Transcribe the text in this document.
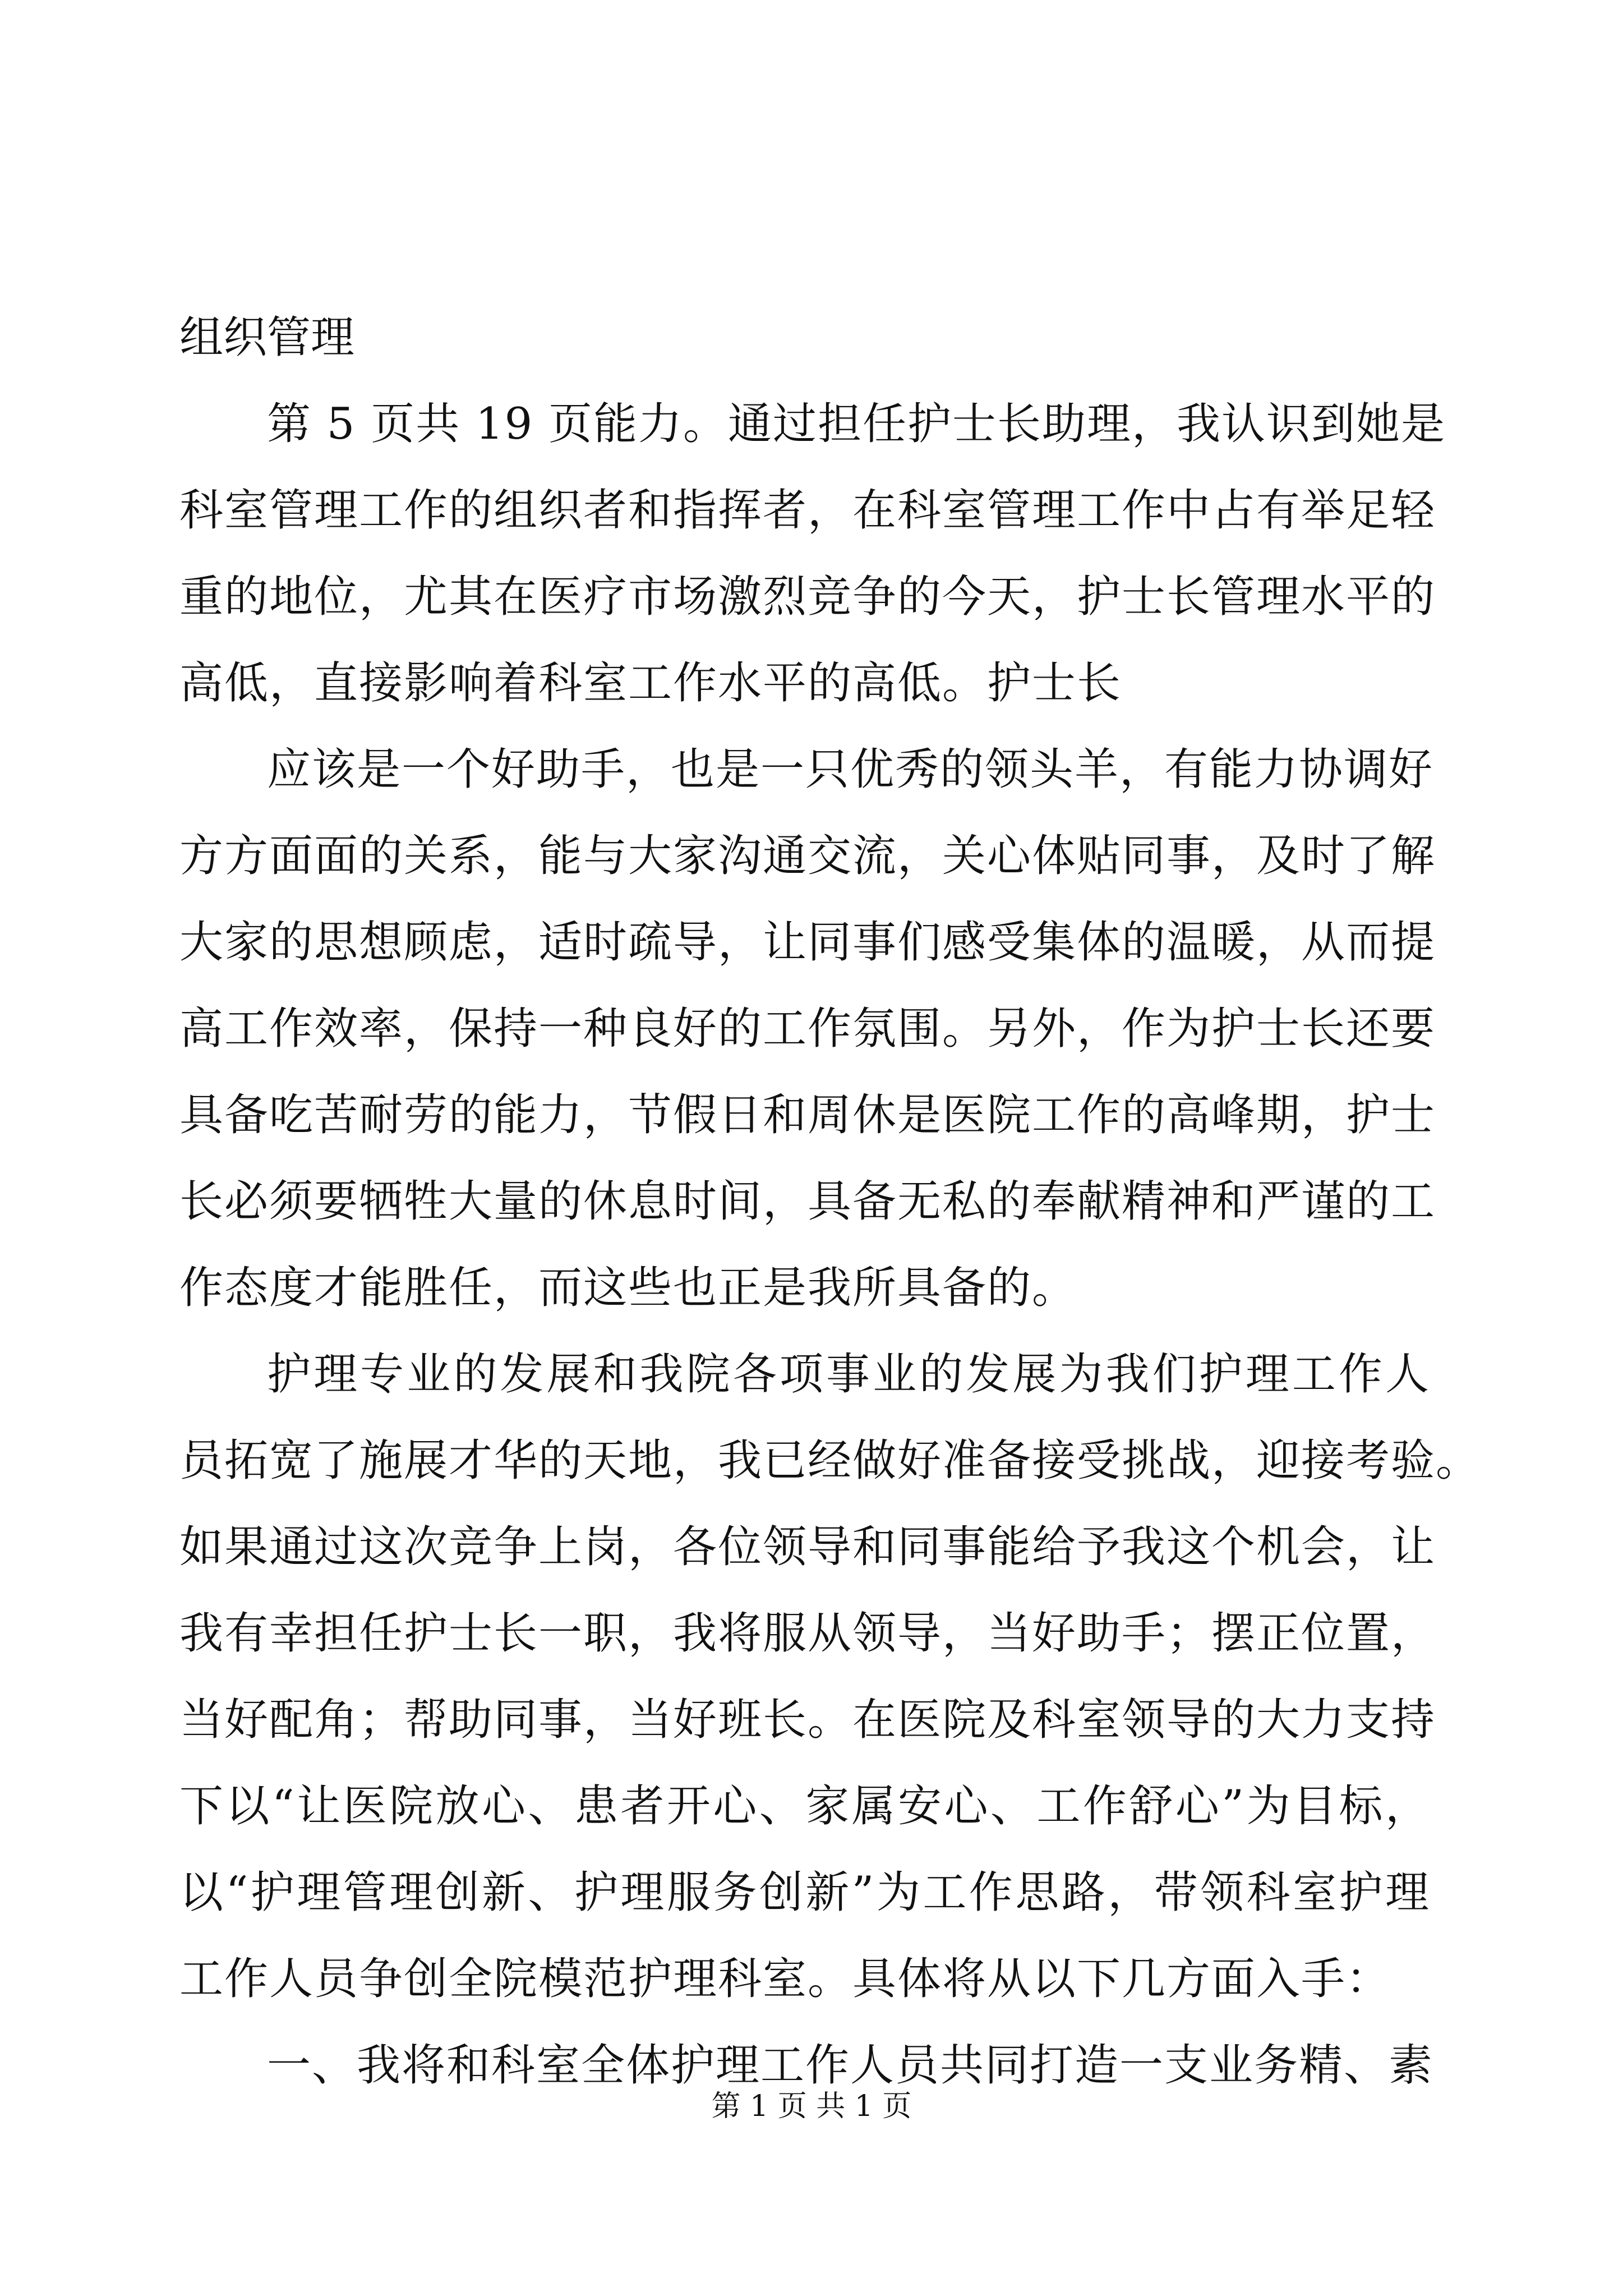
组织管理
第 5 页共 19 页能力。通过担任护士长助理，我认识到她是
科室管理工作的组织者和指挥者，在科室管理工作中占有举足轻
重的地位，尤其在医疗市场激烈竞争的今天，护士长管理水平的
高低，直接影响着科室工作水平的高低。护士长
应该是一个好助手，也是一只优秀的领头羊，有能力协调好
方方面面的关系，能与大家沟通交流，关心体贴同事，及时了解
大家的思想顾虑，适时疏导，让同事们感受集体的温暖，从而提
高工作效率，保持一种良好的工作氛围。另外，作为护士长还要
具备吃苦耐劳的能力，节假日和周休是医院工作的高峰期，护士
长必须要牺牲大量的休息时间，具备无私的奉献精神和严谨的工
作态度才能胜任，而这些也正是我所具备的。
护理专业的发展和我院各项事业的发展为我们护理工作人
员拓宽了施展才华的天地，我已经做好准备接受挑战，迎接考验。
如果通过这次竞争上岗，各位领导和同事能给予我这个机会，让
我有幸担任护士长一职，我将服从领导，当好助手；摆正位置，
当好配角；帮助同事，当好班长。在医院及科室领导的大力支持
下以“让医院放心、患者开心、家属安心、工作舒心”为目标，
以“护理管理创新、护理服务创新”为工作思路，带领科室护理
工作人员争创全院模范护理科室。具体将从以下几方面入手：
一、我将和科室全体护理工作人员共同打造一支业务精、素
第 1 页 共 1 页
